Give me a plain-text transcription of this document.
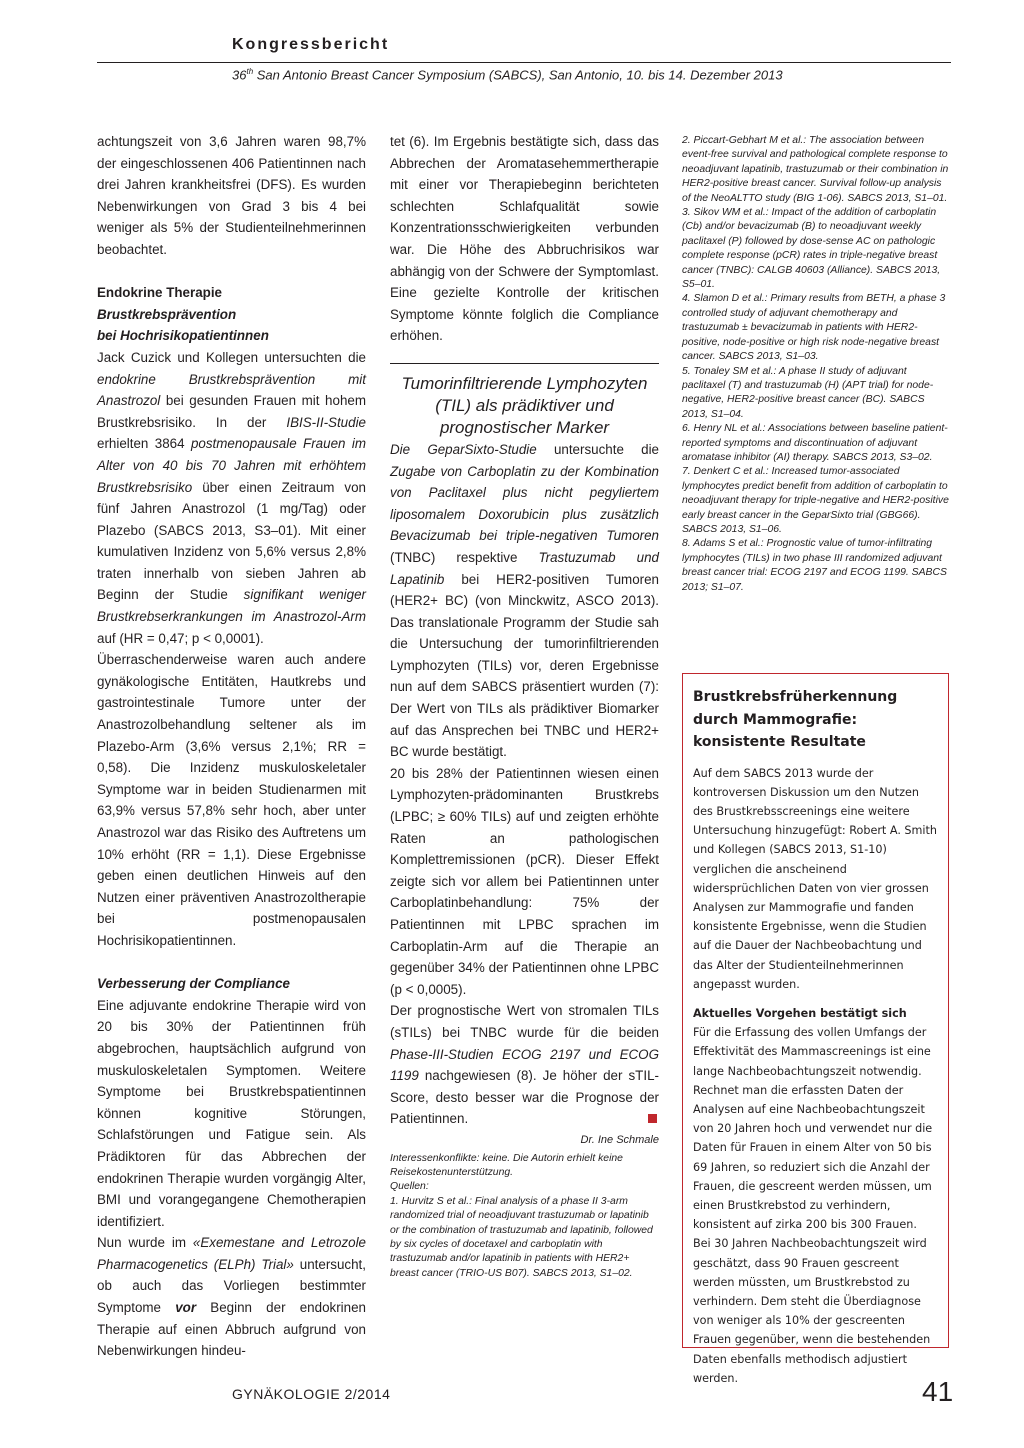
Kongressbericht
36th San Antonio Breast Cancer Symposium (SABCS), San Antonio, 10. bis 14. Dezember 2013

achtungszeit von 3,6 Jahren waren 98,7% der eingeschlossenen 406 Patientinnen nach drei Jahren krankheitsfrei (DFS). Es wurden Nebenwirkungen von Grad 3 bis 4 bei weniger als 5% der Studienteilnehmerinnen beobachtet.

Endokrine Therapie

Brustkrebsprävention

bei Hochrisikopatientinnen

Jack Cuzick und Kollegen untersuchten die endokrine Brustkrebsprävention mit Anastrozol bei gesunden Frauen mit hohem Brustkrebsrisiko. In der IBIS-II-Studie erhielten 3864 postmenopausale Frauen im Alter von 40 bis 70 Jahren mit erhöhtem Brustkrebsrisiko über einen Zeitraum von fünf Jahren Anastrozol (1 mg/Tag) oder Plazebo (SABCS 2013, S3–01). Mit einer kumulativen Inzidenz von 5,6% versus 2,8% traten innerhalb von sieben Jahren ab Beginn der Studie signifikant weniger Brustkrebserkrankungen im Anastrozol-Arm auf (HR = 0,47; p < 0,0001).

Überraschenderweise waren auch andere gynäkologische Entitäten, Hautkrebs und gastrointestinale Tumore unter der Anastrozolbehandlung seltener als im Plazebo-Arm (3,6% versus 2,1%; RR = 0,58). Die Inzidenz muskuloskeletaler Symptome war in beiden Studienarmen mit 63,9% versus 57,8% sehr hoch, aber unter Anastrozol war das Risiko des Auftretens um 10% erhöht (RR = 1,1). Diese Ergebnisse geben einen deutlichen Hinweis auf den Nutzen einer präventiven Anastrozoltherapie bei postmenopausalen Hochrisikopatientinnen.

Verbesserung der Compliance

Eine adjuvante endokrine Therapie wird von 20 bis 30% der Patientinnen früh abgebrochen, hauptsächlich aufgrund von muskuloskeletalen Symptomen. Weitere Symptome bei Brustkrebspatientinnen können kognitive Störungen, Schlafstörungen und Fatigue sein. Als Prädiktoren für das Abbrechen der endokrinen Therapie wurden vorgängig Alter, BMI und vorangegangene Chemotherapien identifiziert.

Nun wurde im «Exemestane and Letrozole Pharmacogenetics (ELPh) Trial» untersucht, ob auch das Vorliegen bestimmter Symptome vor Beginn der endokrinen Therapie auf einen Abbruch aufgrund von Nebenwirkungen hindeu-

tet (6). Im Ergebnis bestätigte sich, dass das Abbrechen der Aromatasehemmertherapie mit einer vor Therapiebeginn berichteten schlechten Schlafqualität sowie Konzentrationsschwierigkeiten verbunden war. Die Höhe des Abbruchrisikos war abhängig von der Schwere der Symptomlast. Eine gezielte Kontrolle der kritischen Symptome könnte folglich die Compliance erhöhen.

Tumorinfiltrierende Lymphozyten (TIL) als prädiktiver und prognostischer Marker

Die GeparSixto-Studie untersuchte die Zugabe von Carboplatin zu der Kombination von Paclitaxel plus nicht pegyliertem liposomalem Doxorubicin plus zusätzlich Bevacizumab bei triple-negativen Tumoren (TNBC) respektive Trastuzumab und Lapatinib bei HER2-positiven Tumoren (HER2+ BC) (von Minckwitz, ASCO 2013). Das translationale Programm der Studie sah die Untersuchung der tumorinfiltrierenden Lymphozyten (TILs) vor, deren Ergebnisse nun auf dem SABCS präsentiert wurden (7): Der Wert von TILs als prädiktiver Biomarker auf das Ansprechen bei TNBC und HER2+ BC wurde bestätigt.

20 bis 28% der Patientinnen wiesen einen Lymphozyten-prädominanten Brustkrebs (LPBC; ≥ 60% TILs) auf und zeigten erhöhte Raten an pathologischen Komplettremissionen (pCR). Dieser Effekt zeigte sich vor allem bei Patientinnen unter Carboplatinbehandlung: 75% der Patientinnen mit LPBC sprachen im Carboplatin-Arm auf die Therapie an gegenüber 34% der Patientinnen ohne LPBC (p < 0,0005).

Der prognostische Wert von stromalen TILs (sTILs) bei TNBC wurde für die beiden Phase-III-Studien ECOG 2197 und ECOG 1199 nachgewiesen (8). Je höher der sTIL-Score, desto besser war die Prognose der Patientinnen.

Dr. Ine Schmale

Interessenkonflikte: keine. Die Autorin erhielt keine Reisekostenunterstützung.

Quellen:

1. Hurvitz S et al.: Final analysis of a phase II 3-arm randomized trial of neoadjuvant trastuzumab or lapatinib or the combination of trastuzumab and lapatinib, followed by six cycles of docetaxel and carboplatin with trastuzumab and/or lapatinib in patients with HER2+ breast cancer (TRIO-US B07). SABCS 2013, S1–02.

2. Piccart-Gebhart M et al.: The association between event-free survival and pathological complete response to neoadjuvant lapatinib, trastuzumab or their combination in HER2-positive breast cancer. Survival follow-up analysis of the NeoALTTO study (BIG 1-06). SABCS 2013, S1–01.

3. Sikov WM et al.: Impact of the addition of carboplatin (Cb) and/or bevacizumab (B) to neoadjuvant weekly paclitaxel (P) followed by dose-sense AC on pathologic complete response (pCR) rates in triple-negative breast cancer (TNBC): CALGB 40603 (Alliance). SABCS 2013, S5–01.

4. Slamon D et al.: Primary results from BETH, a phase 3 controlled study of adjuvant chemotherapy and trastuzumab ± bevacizumab in patients with HER2-positive, node-positive or high risk node-negative breast cancer. SABCS 2013, S1–03.

5. Tonaley SM et al.: A phase II study of adjuvant paclitaxel (T) and trastuzumab (H) (APT trial) for node-negative, HER2-positive breast cancer (BC). SABCS 2013, S1–04.

6. Henry NL et al.: Associations between baseline patient-reported symptoms and discontinuation of adjuvant aromatase inhibitor (AI) therapy. SABCS 2013, S3–02.

7. Denkert C et al.: Increased tumor-associated lymphocytes predict benefit from addition of carboplatin to neoadjuvant therapy for triple-negative and HER2-positive early breast cancer in the GeparSixto trial (GBG66). SABCS 2013, S1–06.

8. Adams S et al.: Prognostic value of tumor-infiltrating lymphocytes (TILs) in two phase III randomized adjuvant breast cancer trial: ECOG 2197 and ECOG 1199. SABCS 2013; S1–07.

Brustkrebsfrüherkennung durch Mammografie: konsistente Resultate

Auf dem SABCS 2013 wurde der kontroversen Diskussion um den Nutzen des Brustkrebsscreenings eine weitere Untersuchung hinzugefügt: Robert A. Smith und Kollegen (SABCS 2013, S1-10) verglichen die anscheinend widersprüchlichen Daten von vier grossen Analysen zur Mammografie und fanden konsistente Ergebnisse, wenn die Studien auf die Dauer der Nachbeobachtung und das Alter der Studienteilnehmerinnen angepasst wurden.

Aktuelles Vorgehen bestätigt sich

Für die Erfassung des vollen Umfangs der Effektivität des Mammascreenings ist eine lange Nachbeobachtungszeit notwendig. Rechnet man die erfassten Daten der Analysen auf eine Nachbeobachtungszeit von 20 Jahren hoch und verwendet nur die Daten für Frauen in einem Alter von 50 bis 69 Jahren, so reduziert sich die Anzahl der Frauen, die gescreent werden müssen, um einen Brustkrebstod zu verhindern, konsistent auf zirka 200 bis 300 Frauen. Bei 30 Jahren Nachbeobachtungszeit wird geschätzt, dass 90 Frauen gescreent werden müssten, um Brustkrebstod zu verhindern. Dem steht die Überdiagnose von weniger als 10% der gescreenten Frauen gegenüber, wenn die bestehenden Daten ebenfalls methodisch adjustiert werden.

GYNÄKOLOGIE 2/2014	41
